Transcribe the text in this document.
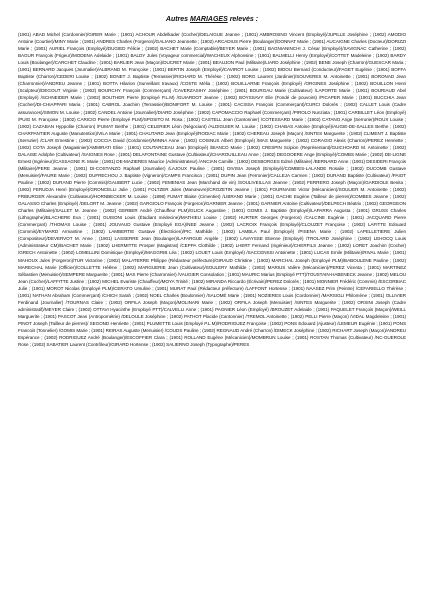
Autres MARIAGES relevés :
(1901) ABAD Michel (Cordonnier)/GIRER Marie ; (1901) ACHOUR Abdelkader (Cocher)/DELAIGUE Jeanne ; (1901) AMBROSINO Vincent (Employé)/JUPILLE Joséphine ; (1902) AMODIO Antoine (Courtier)/MINY Marie ; (1901) ANDRES Charles (Forgeron)/GALIANO Jeannette ; (1902) ARCADIUS Pierre (Boulanger)/DONNAT Marie ; (1901) AUCAIGNE Charles (Docteur)/DORIZZI Marie ; (1901) AURIEL François (Employé)/DUGIED Félicie ; (1902) BACHET Marie (Comptable)/BEYER Marie ; (1901) BAGNIANINCHI J. César (Employé)/SAVIGNAC Catherine ; (1902) BAGUR François (Frigeur)/MODENA Adelaide ; (1901) BALDY Jules (Voyageur commercial)/WACHEUX Alphonsine ; (1901) BALMELLI Henry (Employé)/COTTET Madeleine ; (1902) BARDY Louis (Boulanger)/CARCHET Claudine ; (1901) BARLIER Jean (Maçon)/DUCRET Marie ; (1901) BEAUJON Paul (Militaire)/LIARD Joséphine ; (1902) BENE Joseph (Charron)/GUESCAR Maria ; (1901) BERNARD Jacques (Journalier)/ALBRAND M. Françoise ; (1901) BERTIN Joseph (Employé)/CAVIROT Louise ; (1902) BIDOU Bernard (Conducteur)/FAGET Eugénie ; (1901) BOFFA Baptiste (Charron)/CEDERI Louise ; (1902) BONET J. Baptiste (Terrassier)/RICHARD M. Thérèse ; (1902) BORG Laurent (Jardinier)/SOUVERES M. Antoinette ; (1901) BORONAD Jean (Charronnier)/ANDREU Jeanne ; (1901) BOTTA Hilarion (Surveillant travaux) /COSTE Mélia ; (1902) BOUILLARNE François (Employé) /ORGINES Joséphine ; (1902) BOUILLON Henri (Sculpteur)/DEGOUT Virginie ; (1902) BOURCHY François (Commerçant) /CAVERZASIHY Joséphine ; (1901) BOURGAU Marie (Cultivateur) /LAPORTE Marie ; (1901) BOURIAUD Abel (Employé) /SCHNEIDER Marie ; (1902) BOUTHER Pierre (Employé P.L.M) /GUIARDOT Jeanne ; (1902) BOYSSAVY Elie (Fondé de pouvoirs) /PICAPER Marie ; (1901) BUCCHIA Jean (Cocher)/DI-CHIAPPARI Maria ; (1901) CABROL Joachim (Terrassier)/BONIFORT M. Louise ; (1901) CACISSA François (Commerçant)/CURCI Dolorès ; (1902) CALLET Louis (Cadre assurances)/SIMON M. Louise ; (1902) CANDEL Antoine (Journalier)/DIARD Joséphine ; (1902) CAPOMACCIO Raphaël (Commerçant) /PIROLO Nunziata ; (1901) CARBILLET Léon (Employé) /PUIG M. Françoise ; (1902) CARICIO Pierre (Employé PLM)/SPOSITO M. Rosa ; (1902) CASTELL Jean (Cantonnier) /COTESSARD Marie ; (1902) CATANO Ange (Serrurier)/ROUX Louise ; (1902) CAZABAN Hyppolite (Charron) /FUMAT Berthe ; (1901) CELERIER Léon (Négociant) /ALDIGUIER M. Louise ; (1902) CHABAS Antoine (Employé)/AUGIE-DE-SALLES Berthe ; (1902) CHARPANTIER Auguste (Manutention)/VILA Marie ; (1901) CHAUTARD Jean (Employé)/RODIAC Marie ; (1902) CHEREAU Joseph (Maçon) /SINTES Marguerite ; (1902) CLIMENT J. Baptiste (Serrurier) /CLAR Ernestine ; (1902) COCCIA David (Cordonnier)/MINNA Anne ; (1902) COISNUS Albert (Employé) /MAS Marguerite ; (1902) CORAGIO Alexis (Charron)/PEREZ Henriette ; (1902) COTA Joseph (Magasinier)/AMMIRATI Elise ; (1901) COUTARCEAU Jean (Employé) /BIANCO Marie ; (1902) CRESPIN Scipion (Représentant)/GUICHOARD M. Antoinette ; (1902) DALAISE Adolphe (Cultivateur) /SAIGNES Rose ; (1901) DELAFONTAINE Gustave (Cultivateur)/CHAROUILLEAU Anne ; (1902) DEGOOERE Ange (Employé)/COMBS Marie ; (1902) DE-LIGNE Ernest (Ingénieur)/CASSAGNE R. Marie ; (1901) DE-MAZIERES Maurice (Administrateur) /ANCIAN Camille ; (1902) DESBORGES Edmé (Militaire) /BERNARD Anne ; (1901) DESIDERI François (Militaire)/PERE Jeanne ; (1901) DI-COSTANZO Raphaël (Journalier) /LAJOUX Pauline ; (1901) DIVISIA Joseph (Employé)/COMBES-LALANDE Rosalie ; (1902) DUCOMB Gustave (Menuisier)/FAURE Marie ; (1902) DUFRECHOU J. Baptiste (Vigneron)/CAMPS Francisca ; (1901) DUPIN Jean (Ferronier)/CALLEJA Carmen ; (1902) DURAND Baptiste (Cultivateur) /PAIOT Pauline ; (1902) DURAND Pierre (Commis)/GAUBERT Lucie ; (1902) FEMENIAS Jean (Marchand de vin) /SOULIVEILLAS Jeanne ; (1902) FERRERO Joseph (Maçon)/GARDIOLE Benita ; (1902) FERUDJA Henri (Employé)/GRONCELLI Julie ; (1901) FOLTZER Jules (Manœuvre)/CROZETIN Jeanne ; (1901) FOURNAISE Victor (Mécanicien)/SOULIER M. Antoinette ; (1902) FRIBURGER Alexandre (Cultivateur)/HORNBECKER M. Louise ; (1898) FUMAT Blaise (Cimentier) /LIBRAND Marie ; (1901) GACHE Eugène (Tailleur de pierres)/COMBES Jeanne ; (1902) GALASSO Charles (Employé) /DELORT M. Jeanne ; (1902) GARGIOLO François (Forgeron)/GARNIER Jeanne ; (1901) GARNIER Antoine (Cultivateur)/DELPECH Béatrix ; (1902) GEORGEON Charles (Militaire)/SALLET M. Jeanne ; (1902) GERBER André (Chauffeur PLM)/GLICK Augustine ; (1901) GOMIS J. Baptiste (Employé)/LAPARRA Augusta ; (1901) GRUSS Charles (Lithographe)/BLACHERE Eva ; (1901) GUISONI Louis (Étudiant médecine)/MATHIEU Louise ; (1902) HURTER Georges (Forgeron) /CALCINE Eugénie ; (1901) JACQUARD Pierre (Commerçant) /THOMAS Louise ; (1901) JOUVAUD Gustave (Employé EGA)/NEE Jeanne ; (1902) LACROIX François (Employé)/CLOUZET Françoise ; (1902) LAFITTE Edouard (Commis)/EYMARD Armantine ; (1902) LAMBERTIE Gustave (Électricien)/PIC Mathilde ; (1902) LAMBLA Paul (Employé) /PISENA Marie ; (1902) LAPELLETIERE Julien (Compositeur)/DEVERVOT M. Anne ; (1901) LASSERRE Jean (Boulanger)/LAFARGUE Angèle ; (1902) LAVAYSSE Etienne (Employé) /TROLARD Joséphine ; (1902) LEHOCQ Louis (Administrateur CM)/BACHET Marie ; (1902) LHERMITTE Prosper (Magistrat) /CEPPA Clothilde ; (1902) LHERT Fernand (Ingénieur)/CHERFILS Jeanne ; (1902) LORET Joachim (Cocher) /GRECH Antoinette ; (1902) LOMELLINI Dominique (Employé)/MAGGRIB Léa ; (1902) LOUET Louis (Employé) /SACCENSSI Antoinette ; (1901) LUCAS Emile (Militaire)/RIVAL Marie ; (1901) MAHOUX Jules (Forgeron)/TUR Victorine ; (1902) MALATERRE Philippe (Rédacteur préfecture)/GIRAUD Christine ; (1902) MARCHAL Joseph (Employé PLM)/BABOULENE Pauline ; (1902) MARECHAL Marie (Officier)/COLLETTE Hélène ; (1902) MARGUERIE Jean (Cultivateur)/SOULERY Mathilde ; (1902) MARIUS Valère (Mécanicien)/PEREZ Vicenta ; (1901) MARTINEZ Sébastien (Menuisier)/SEMPERE Marguerite ; (1901) MAS Pierre (Charronnier) /VAUGIER Consolation ; (1901) MAURIC Marius (Employé PTT)/TOUSTAIN-HABENECK Jeanne ; (1902) MELOU Jean (Cocher)/LAFFITTE Justine ; (1902) MICHEL Evariste (Chauffeur)/MOYA Trinité ; (1902) MIRANDA Riccardo (Écrivain)/PEREZ Dolorès ; (1901) MONNIER Frédéric (Commis) /ESCORBIAC Julie ; (1901) MOROT Nicolas (Employé PLM)/CERATO Ursuline ; (1901) MURAT Paul (Rédacteur préfecture) /LAFFONT Hortense ; (1901) NAASEZ Prim (Peintre) /CEFARIELLO Thérèse ; (1901) NATHAN Abraham (Commerçant) /CHICH Sarah ; (1902) NOEL Charles (Boulonnier) /SALOMÉ Marie ; (1901) NOZIERES Louis (Cordonnier) /MARSIGLI Philomène ; (1901) OLLIVIER Ferdinand (Journalier) /TOURNAS Claire ; (1902) ORFILA Joseph (Maçon)/MOLINARI Marie ; (1902) ORFILA Joseph (Menuisier) /SINTES Marguerite ; (1902) ORSINI Joseph (Cadre administratif)/MEYER Claire ; (1902) OTTAVI Hyacinthe (Employé PTT)/CALVELLI Anne ; (1901) PAGNIER Léon (Employé) /BROUZET Adelaide ; (1901) PAQUELET François (Maçon)/WEILL Marguerite ; (1901) PASCOT Jean (Antropométrie) /DELOULE Joséphine ; (1902) PATHOT Placide (Cantonnier) /TREMOL Antoinette ; (1902) PELLI Pierre (Maçon) /VIDAL Magdeleine ; (1901) PINOT Joseph (Tailleur de pierres)/ SEGOND Henriette ; (1901) PLUMETTE Louis (Employé P.L.M)/RODRIGUEZ Françoise ; (1902) PONS Edouard (Ajusteur) /LEMEUR Eugénie ; (1901) PONS Francois (Tonnelier) /GOMIS Marie ; (1901) REIRAS Auguste (Menuisier) /COUDS Pauline ; (1902) REGNAUD André (Charron) /DIMECK Joséphine ; (1902) RICHART Joseph (Maçon)/ANDREU Espérance ; (1902) RODRIGUEZ André (Boulanger)/ESCOFFIER Clara ; (1901) ROLLAND Eugène (Mécanicien)/MOMBRUN Louise ; (1901) ROSTAN Thomas (Cultivateur) /NC-GUEROLE Rose ; (1902) SABATIER Laurent (Contrôleur)/GIRARD Hortense ; (1902) SALIERNO Joseph (Typographe)/PERES
